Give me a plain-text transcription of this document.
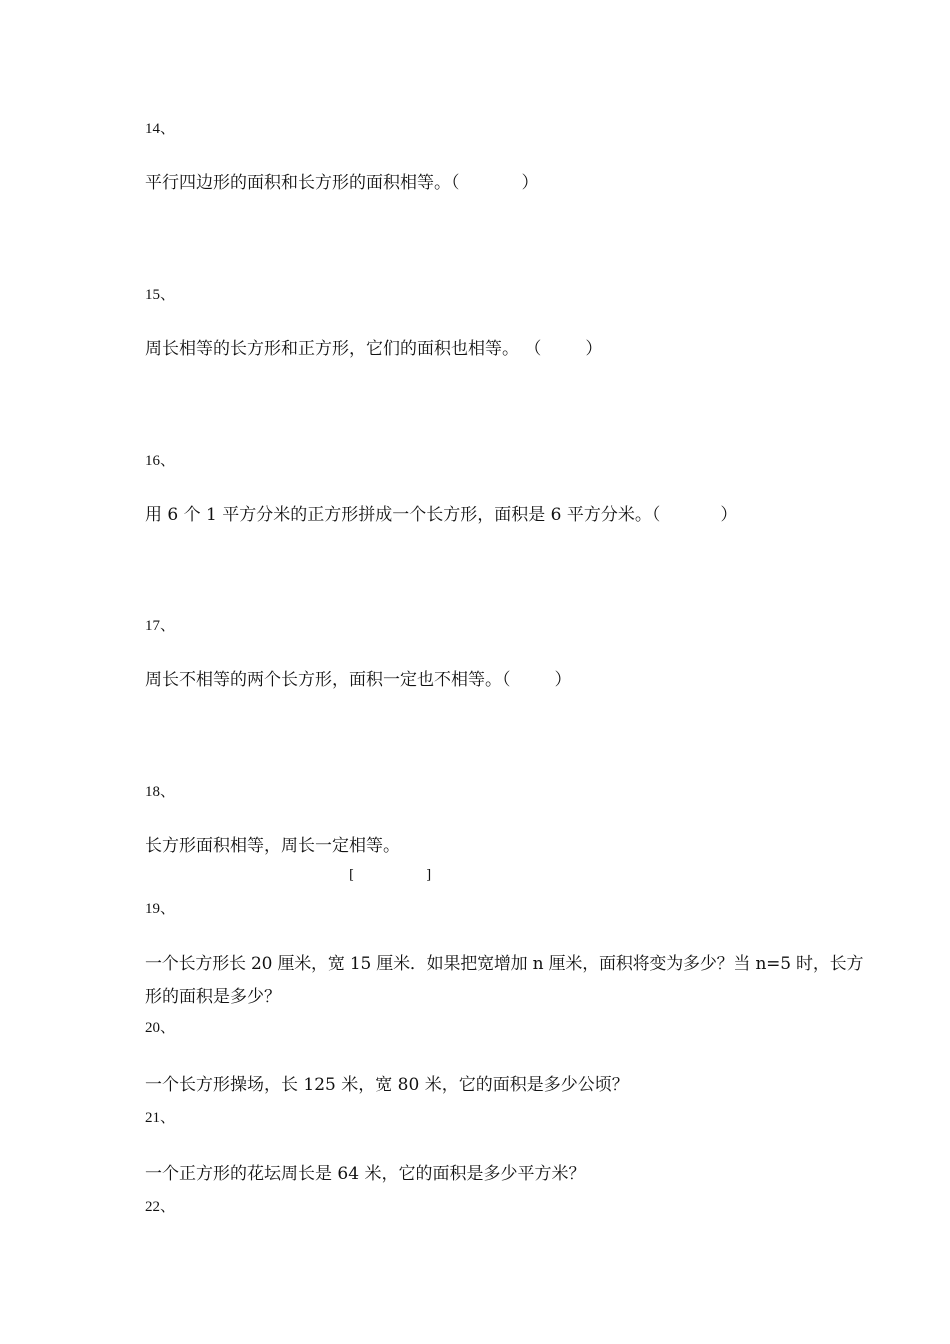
14、
平行四边形的面积和长方形的面积相等。（	）
15、
周长相等的长方形和正方形，它们的面积也相等。 （	）
16、
用 6 个 1 平方分米的正方形拼成一个长方形，面积是 6 平方分米。（	）
17、
周长不相等的两个长方形，面积一定也不相等。（	）
18、
长方形面积相等，周长一定相等。
[	]
19、
一个长方形长 20 厘米，宽 15 厘米．如果把宽增加 n 厘米，面积将变为多少？当 n=5 时，长方
形的面积是多少？
20、
一个长方形操场，长 125 米，宽 80 米，它的面积是多少公顷？
21、
一个正方形的花坛周长是 64 米，它的面积是多少平方米？
22、
